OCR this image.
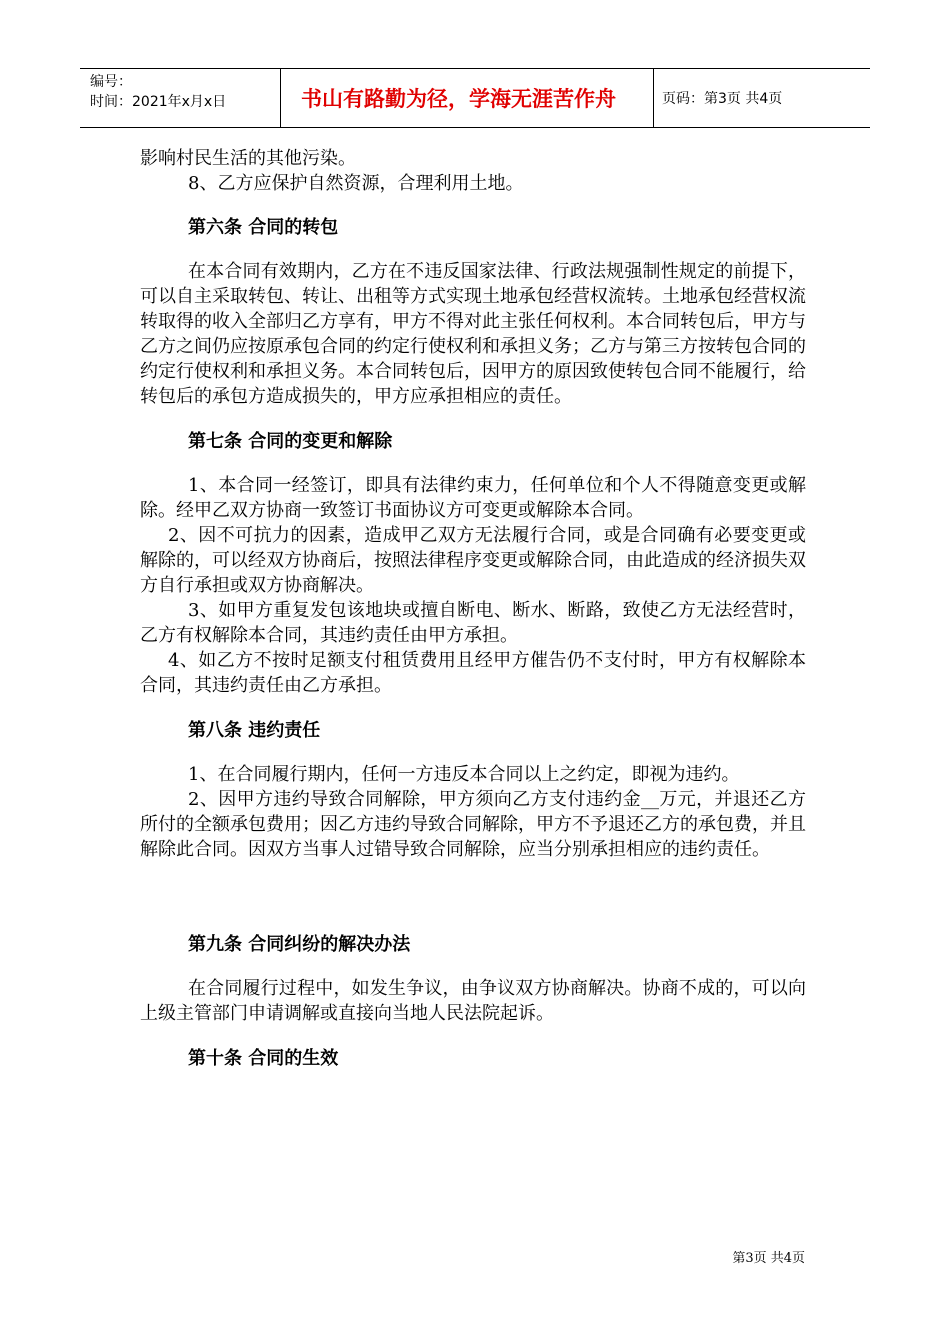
编号：
时间：2021年x月x日	书山有路勤为径，学海无涯苦作舟	页码：第3页 共4页

影响村民生活的其他污染。

8、乙方应保护自然资源，合理利用土地。

第六条 合同的转包

在本合同有效期内，乙方在不违反国家法律、行政法规强制性规定的前提下，可以自主采取转包、转让、出租等方式实现土地承包经营权流转。土地承包经营权流转取得的收入全部归乙方享有，甲方不得对此主张任何权利。本合同转包后，甲方与乙方之间仍应按原承包合同的约定行使权利和承担义务；乙方与第三方按转包合同的约定行使权利和承担义务。本合同转包后，因甲方的原因致使转包合同不能履行，给转包后的承包方造成损失的，甲方应承担相应的责任。

第七条 合同的变更和解除

1、本合同一经签订，即具有法律约束力，任何单位和个人不得随意变更或解除。经甲乙双方协商一致签订书面协议方可变更或解除本合同。

2、因不可抗力的因素，造成甲乙双方无法履行合同，或是合同确有必要变更或解除的，可以经双方协商后，按照法律程序变更或解除合同，由此造成的经济损失双方自行承担或双方协商解决。

3、如甲方重复发包该地块或擅自断电、断水、断路，致使乙方无法经营时，乙方有权解除本合同，其违约责任由甲方承担。

4、如乙方不按时足额支付租赁费用且经甲方催告仍不支付时，甲方有权解除本合同，其违约责任由乙方承担。

第八条 违约责任

1、在合同履行期内，任何一方违反本合同以上之约定，即视为违约。

2、因甲方违约导致合同解除，甲方须向乙方支付违约金__万元，并退还乙方所付的全额承包费用；因乙方违约导致合同解除，甲方不予退还乙方的承包费，并且解除此合同。因双方当事人过错导致合同解除，应当分别承担相应的违约责任。

第九条 合同纠纷的解决办法

在合同履行过程中，如发生争议，由争议双方协商解决。协商不成的，可以向上级主管部门申请调解或直接向当地人民法院起诉。

第十条 合同的生效

第3页 共4页
